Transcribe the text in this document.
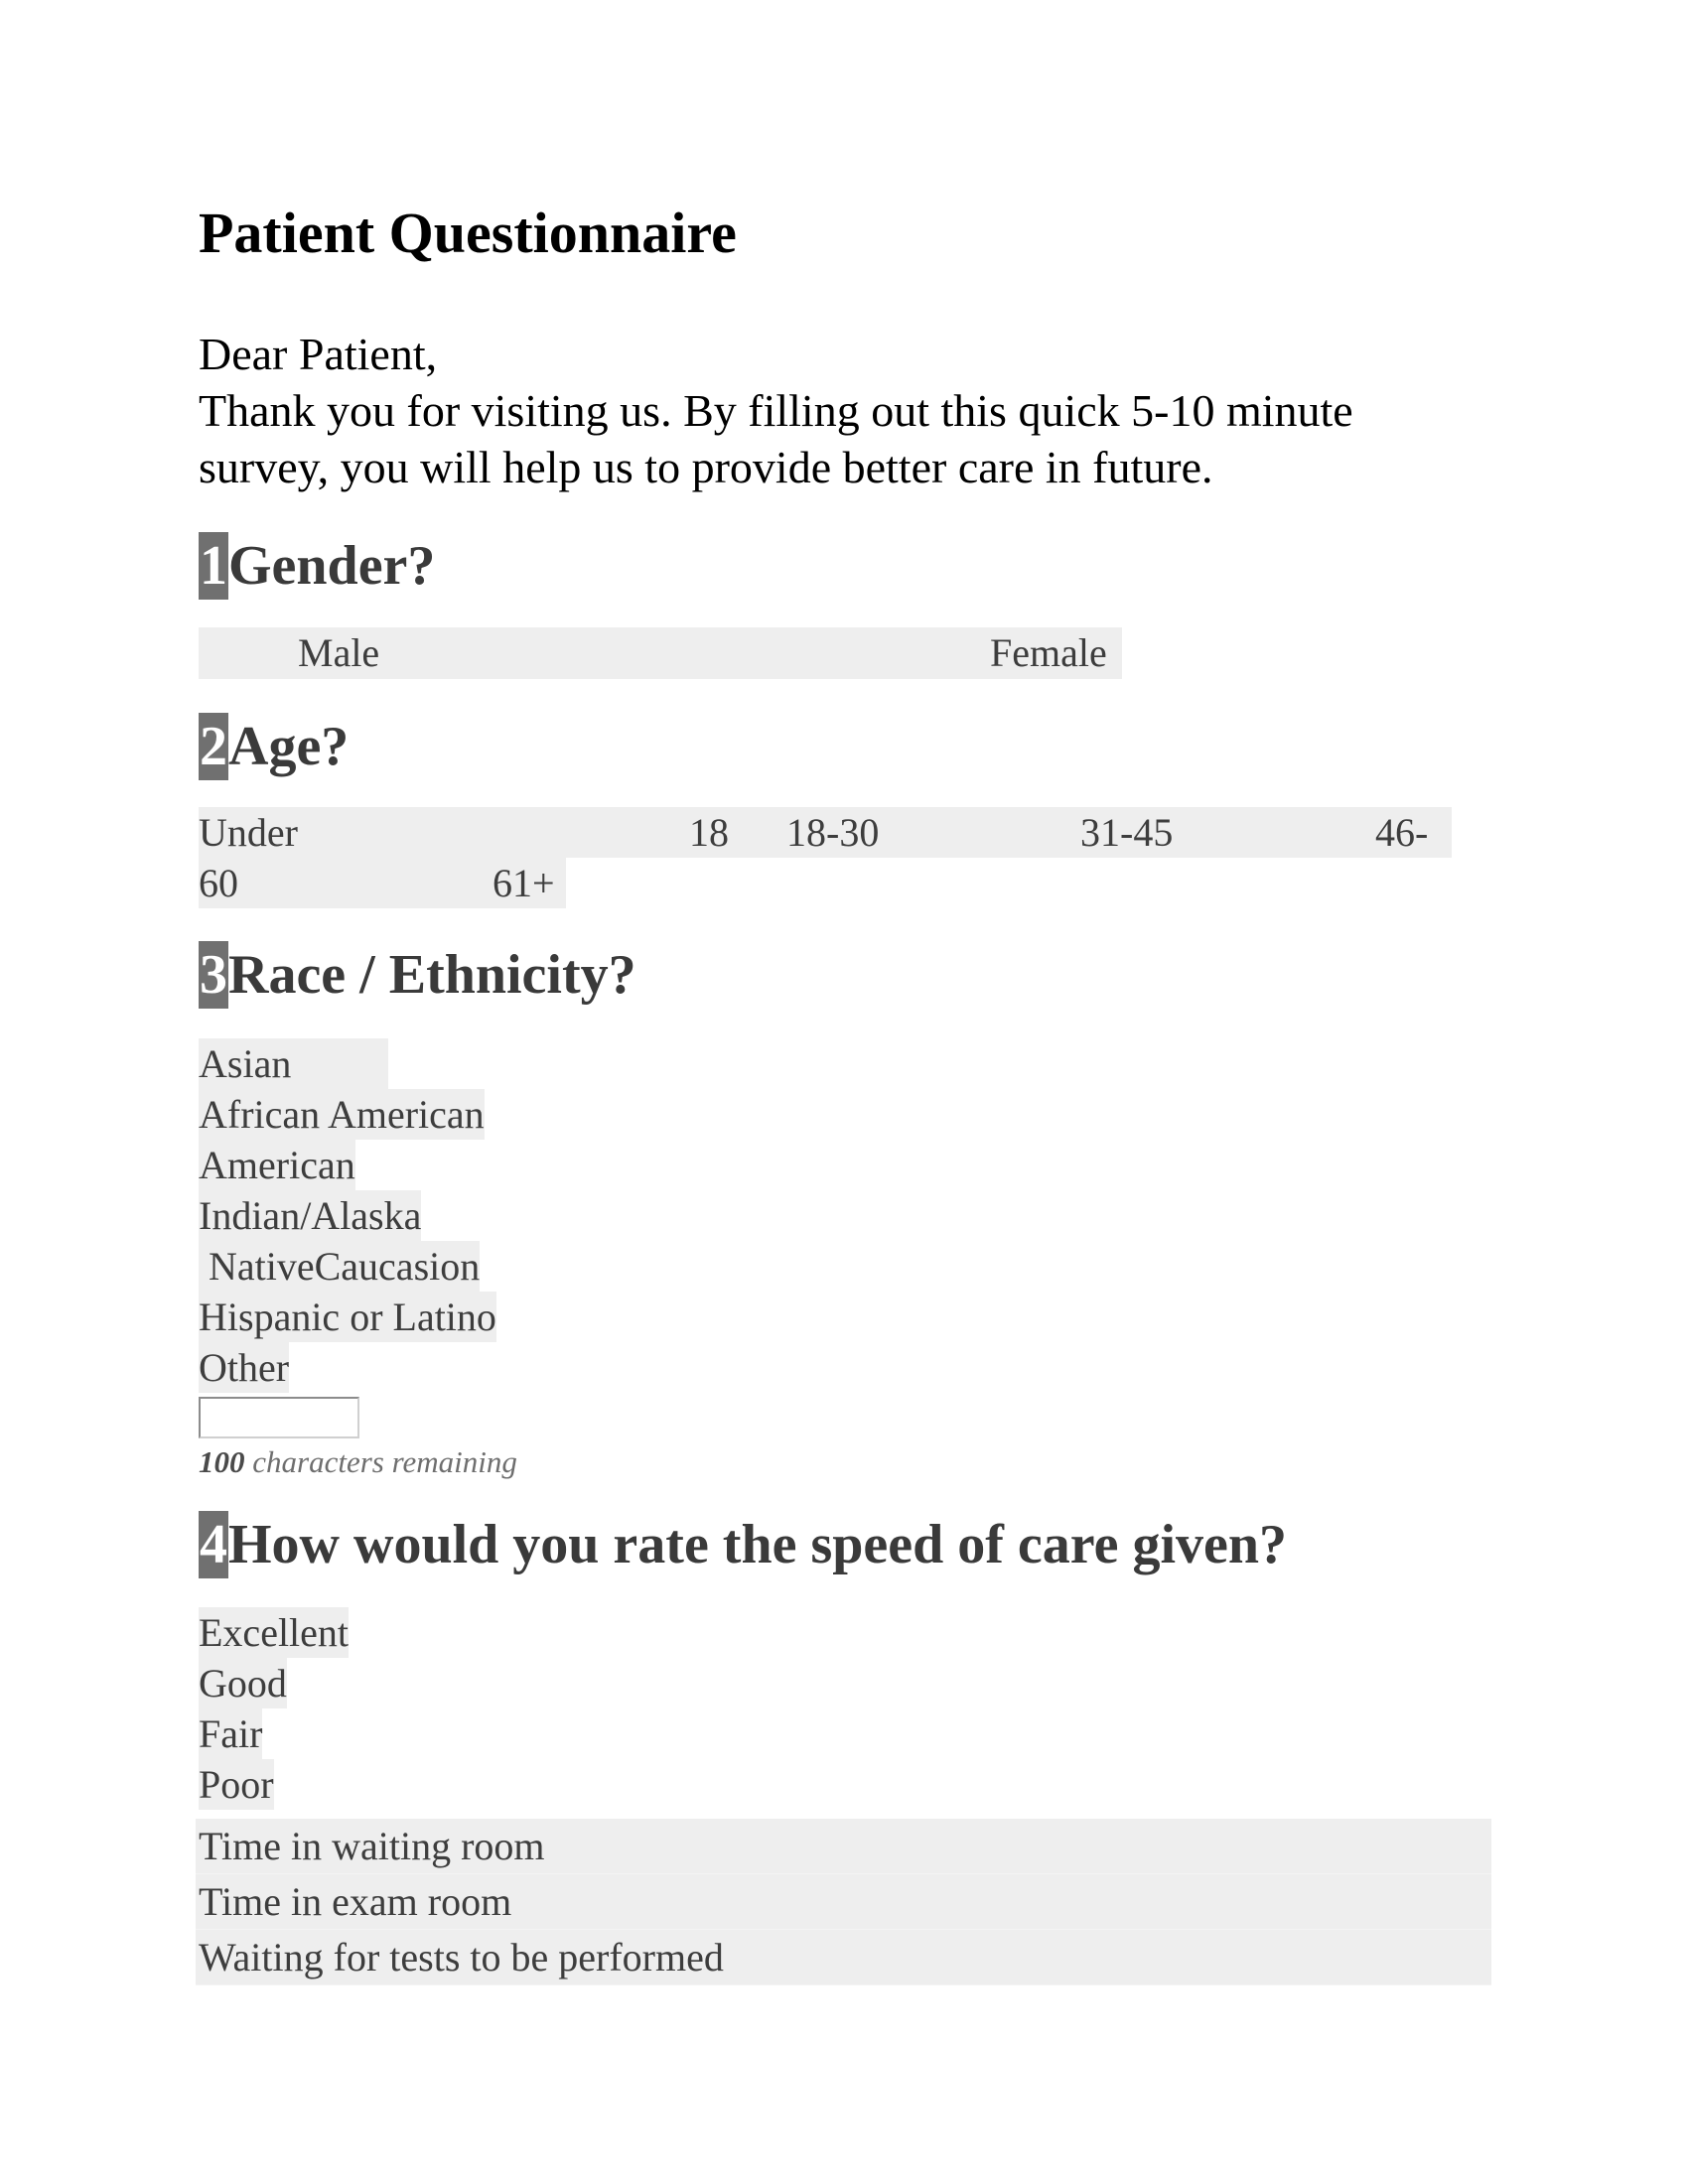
Patient Questionnaire
Dear Patient,
Thank you for visiting us. By filling out this quick 5-10 minute
survey, you will help us to provide better care in future.
1Gender?
Male	Female
2Age?
Under	18 18-30	31-45	46-
60	61+
3Race / Ethnicity?
Asian
African American
American
Indian/Alaska
NativeCaucasion
Hispanic or Latino
Other
100 characters remaining
4How would you rate the speed of care given?
Excellent
Good
Fair
Poor
Time in waiting room
Time in exam room
Waiting for tests to be performed
